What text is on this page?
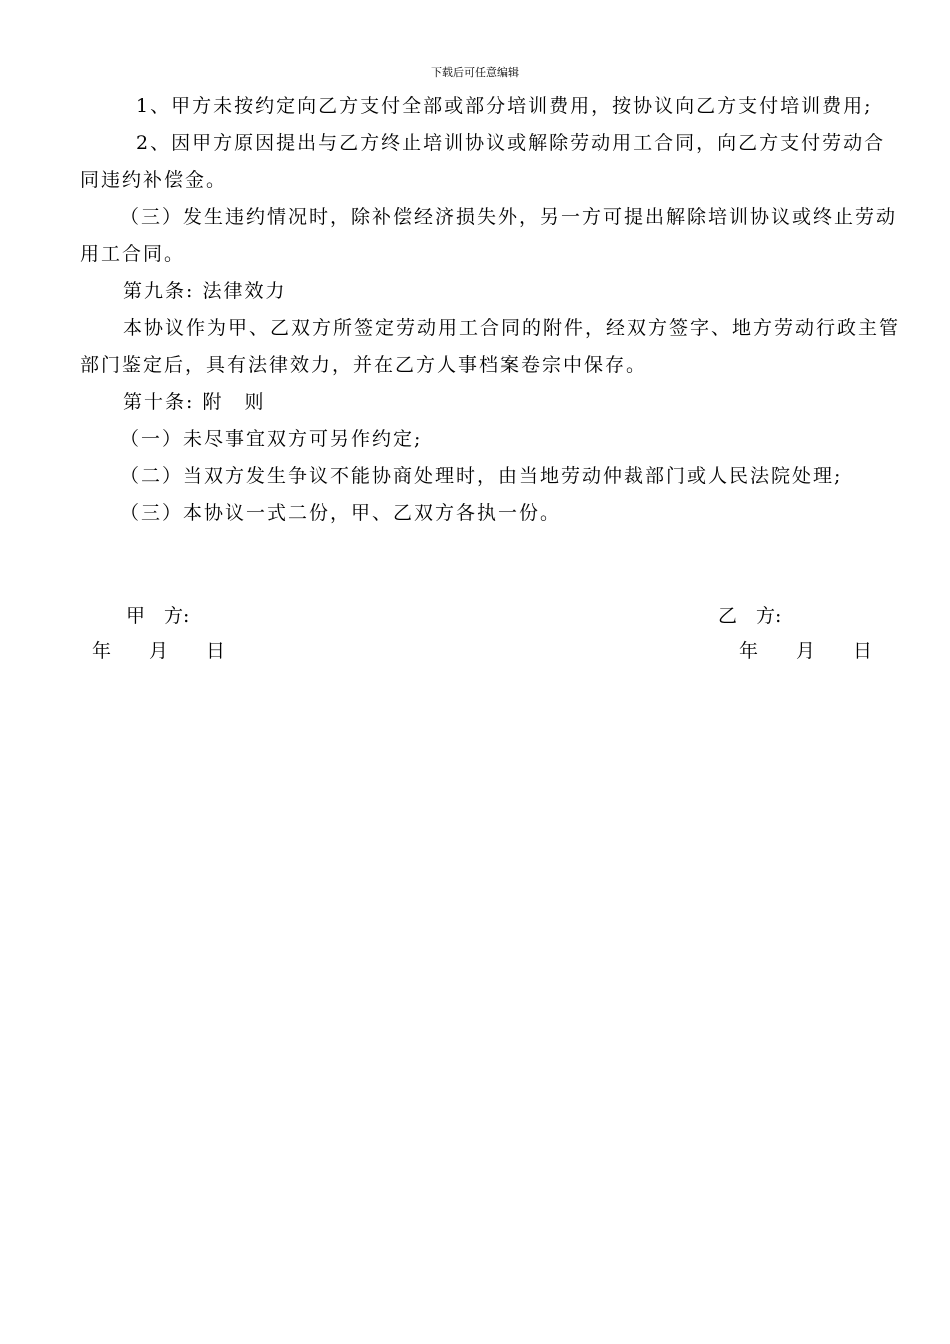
下载后可任意编辑

1、甲方未按约定向乙方支付全部或部分培训费用，按协议向乙方支付培训费用;

2、因甲方原因提出与乙方终止培训协议或解除劳动用工合同，向乙方支付劳动合同违约补偿金。

（三）发生违约情况时，除补偿经济损失外，另一方可提出解除培训协议或终止劳动用工合同。

第九条: 法律效力

本协议作为甲、乙双方所签定劳动用工合同的附件，经双方签字、地方劳动行政主管部门鉴定后，具有法律效力，并在乙方人事档案卷宗中保存。

第十条: 附　则

（一）未尽事宜双方可另作约定;

（二）当双方发生争议不能协商处理时，由当地劳动仲裁部门或人民法院处理;

（三）本协议一式二份，甲、乙双方各执一份。

甲　方:	乙　方:
年　　月　　日	年　　月　　日
